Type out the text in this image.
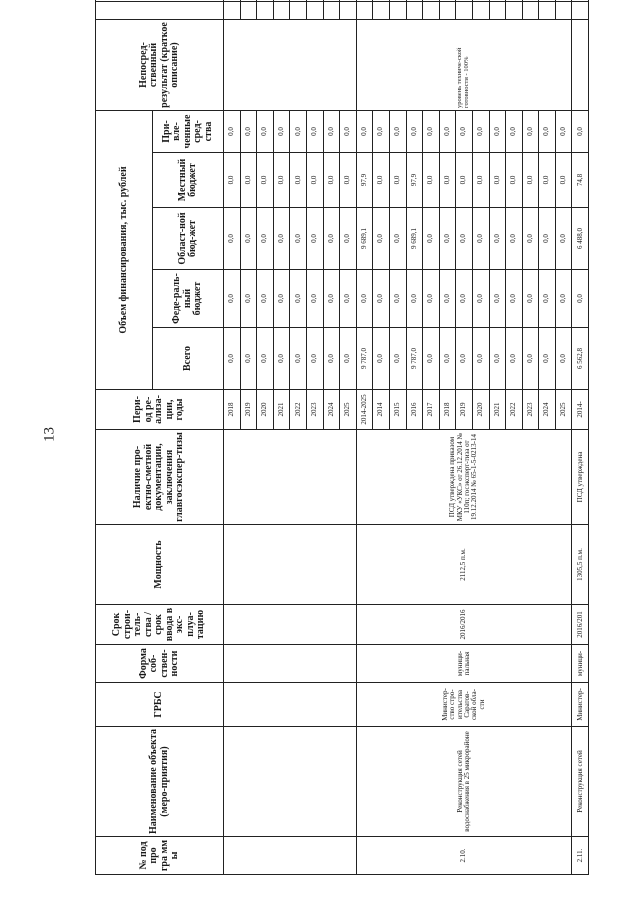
13
№ под про гра мм ы	Наименование объекта (меро-приятия)	ГРБС	Форма соб-ствен-ности	Срок строи-тель-ства / срок ввода в экс-плуа-тацию	Мощность	Наличие про-ектно-сметной документации, заключения главгосэкспер-тизы	Пери-од ре-ализа-ции, годы	Объем финансирования, тыс. рублей					Непосред-ственный результат (краткое описание)					
								Всего	Феде-раль-ный бюджет	Област-ной бюд-жет	Местный бюджет	При-вле-ченные сред-ства						
							2018	0,0	0,0	0,0	0,0	0,0						
							2019	0,0	0,0	0,0	0,0	0,0						
							2020	0,0	0,0	0,0	0,0	0,0						
							2021	0,0	0,0	0,0	0,0	0,0						
							2022	0,0	0,0	0,0	0,0	0,0						
							2023	0,0	0,0	0,0	0,0	0,0						
							2024	0,0	0,0	0,0	0,0	0,0						
							2025	0,0	0,0	0,0	0,0	0,0						
2.10.	Реконструкция сетей водоснабжения в 25 микрорайоне	Министер-ство стро-ительства Саратов-ской обла-сти	муници-пальная	2016/2016	2112,5 п.м.	ПСД утверждена приказом МКУ «УКС» от 26.12.2014 № 110п; госэксперт-тиза от 19.12.2014 № 65-1-5-0213-14	2014-2025	9 787,0	0,0	9 689,1	97,9	0,0	уровень техниче-ской готовности - 100%					
							2014	0,0	0,0	0,0	0,0	0,0						
							2015	0,0	0,0	0,0	0,0	0,0						
							2016	9 787,0	0,0	9 689,1	97,9	0,0						
							2017	0,0	0,0	0,0	0,0	0,0						
							2018	0,0	0,0	0,0	0,0	0,0						
							2019	0,0	0,0	0,0	0,0	0,0						
							2020	0,0	0,0	0,0	0,0	0,0						
							2021	0,0	0,0	0,0	0,0	0,0						
							2022	0,0	0,0	0,0	0,0	0,0						
							2023	0,0	0,0	0,0	0,0	0,0						
							2024	0,0	0,0	0,0	0,0	0,0						
							2025	0,0	0,0	0,0	0,0	0,0						
2.11.	Реконструкция сетей	Министер-	муници-	2016/201	1305,5 п.м.	ПСД утверждена	2014-	6 562,8	0,0	6 488,0	74,8	0,0						
